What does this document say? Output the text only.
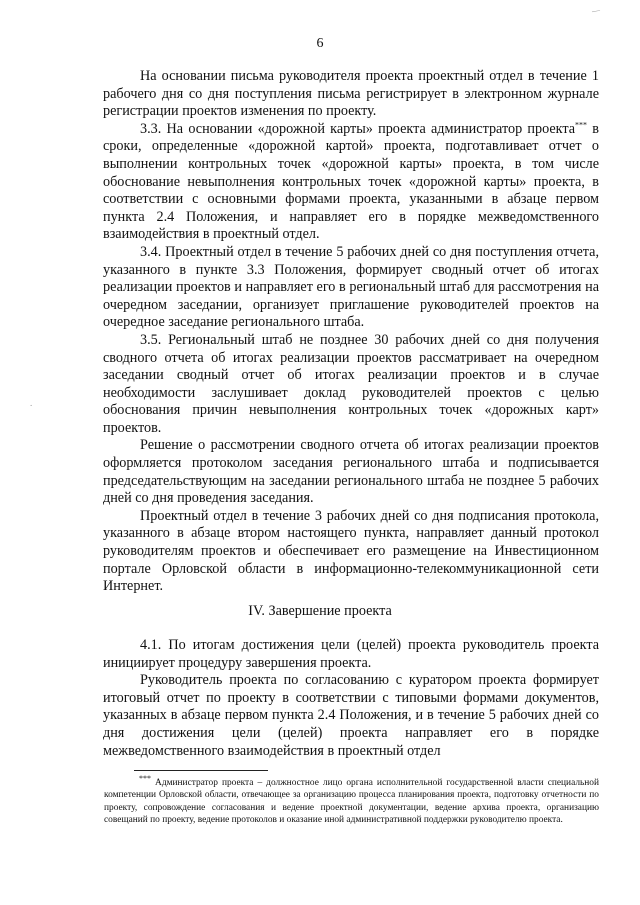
6

На основании письма руководителя проекта проектный отдел в течение 1 рабочего дня со дня поступления письма регистрирует в электронном журнале регистрации проектов изменения по проекту.

3.3. На основании «дорожной карты» проекта администратор проекта*** в сроки, определенные «дорожной картой» проекта, подготавливает отчет о выполнении контрольных точек «дорожной карты» проекта, в том числе обоснование невыполнения контрольных точек «дорожной карты» проекта, в соответствии с основными формами проекта, указанными в абзаце первом пункта 2.4 Положения, и направляет его в порядке межведомственного взаимодействия в проектный отдел.

3.4. Проектный отдел в течение 5 рабочих дней со дня поступления отчета, указанного в пункте 3.3 Положения, формирует сводный отчет об итогах реализации проектов и направляет его в региональный штаб для рассмотрения на очередном заседании, организует приглашение руководителей проектов на очередное заседание регионального штаба.

3.5. Региональный штаб не позднее 30 рабочих дней со дня получения сводного отчета об итогах реализации проектов рассматривает на очередном заседании сводный отчет об итогах реализации проектов и в случае необходимости заслушивает доклад руководителей проектов с целью обоснования причин невыполнения контрольных точек «дорожных карт» проектов.

Решение о рассмотрении сводного отчета об итогах реализации проектов оформляется протоколом заседания регионального штаба и подписывается председательствующим на заседании регионального штаба не позднее 5 рабочих дней со дня проведения заседания.

Проектный отдел в течение 3 рабочих дней со дня подписания протокола, указанного в абзаце втором настоящего пункта, направляет данный протокол руководителям проектов и обеспечивает его размещение на Инвестиционном портале Орловской области в информационно-телекоммуникационной сети Интернет.

IV. Завершение проекта

4.1. По итогам достижения цели (целей) проекта руководитель проекта инициирует процедуру завершения проекта.

Руководитель проекта по согласованию с куратором проекта формирует итоговый отчет по проекту в соответствии с типовыми формами документов, указанных в абзаце первом пункта 2.4 Положения, и в течение 5 рабочих дней со дня достижения цели (целей) проекта направляет его в порядке межведомственного взаимодействия в проектный отдел

*** Администратор проекта – должностное лицо органа исполнительной государственной власти специальной компетенции Орловской области, отвечающее за организацию процесса планирования проекта, подготовку отчетности по проекту, сопровождение согласования и ведение проектной документации, ведение архива проекта, организацию совещаний по проекту, ведение протоколов и оказание иной административной поддержки руководителю проекта.

.
|
